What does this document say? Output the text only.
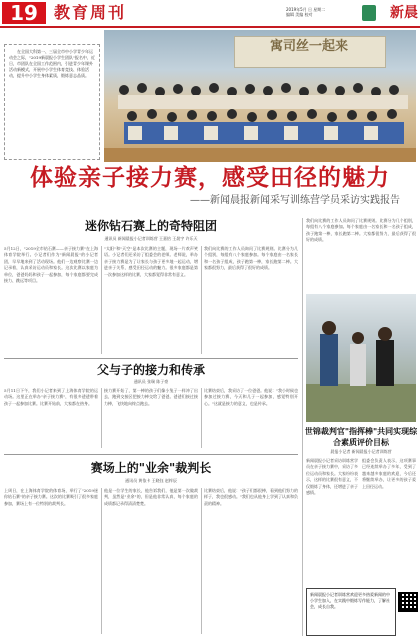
19	教育周刊	2019年5月 日 星期二
编辑 美编 校对	新晨
在全国大科第一、三届全市中小学青少年运动会之际，"2019新晨报小学生团队"报名中，近日，市团队在全国工作范围内，引进青少年课外活动新模式，开展中小学生体育竞技、体验活动，提升中小学生身体素质，锻炼意志品质。
寓司丝一起来
体验亲子接力赛，感受田径的魅力
——新闻晨报新闻采写训练营学员采访实践报告
迷你钻石赛上的奇特阻团
通讯员 新闻晨报小记者训练营 王嘉怡 王晟宇 许乐天
5月12日，"2019全市钻石赛——亲子接力赛"在上海体育学院举行。小记者们作为"新闻晨报"的小记者团，早早地来到了活动现场。他们一边观察比赛一边记录着，认真采访运动员和家长。这次比赛以家庭为单位，爸爸妈妈和孩子一起参加，每个家庭都要完成接力、跳远等项目。
"太阳"和"天空"是本次比赛的主题，现场一片欢声笑语。小记者们还采访了组委会的老师。老师说，举办亲子接力赛是为了让家长与孩子更多地一起运动，增进亲子关系，感受田径运动的魅力。很多家庭都是第一次参加这样的比赛，大家都觉得非常有意义。
我们向比赛的工作人员询问了比赛规则。比赛分为几个组别，每组有八个家庭参加。每个家庭由一名家长和一名孩子组成，孩子跑第一棒，家长跑第二棒。大家都很努力，最后获得了很好的成绩。
父与子的接力和传承
通讯员 张瑞 陈子豪
5月11日下午，我们小记者来到了上海体育学院的运动场。这里正在举办"亲子接力赛"，有很多爸爸带着孩子一起参加比赛。比赛开始前，大家都在热身。
接力赛开始了，第一棒的孩子们像小兔子一样冲了出去，跑到交接区把接力棒交给了爸爸。爸爸们接过接力棒，飞快地向终点跑去。
比赛结束后，我采访了一位爸爸。他说："我小时候也参加过接力赛，今天和儿子一起参加，感觉特别开心。"这就是接力的意义，也是传承。
赛场上的"业余"裁判长
通讯员 黄依卡 王晓钰 赵梓辰
上周日，在上海体育学院的体育场，举行了"2019迷你钻石赛"的亲子接力赛。这次的比赛吸引了很多家庭参加，赛场上有一位特别的裁判长。
他是一位学生的家长，他告诉我们，他是第一次做裁判，虽然是"业余"的，但是他非常认真，每个家庭的成绩都记录得清清楚楚。
比赛结束后，他说："孩子们都很棒，看到他们努力的样子，我也很感动。"我们也从他身上学到了认真和负责的精神。
我们向比赛的工作人员询问了比赛规则。比赛分为几个组别，每组有八个家庭参加。每个家庭由一名家长和一名孩子组成，孩子跑第一棒，家长跑第二棒。大家都很努力，最后获得了很好的成绩。
世锦裁判官"指挥棒"共同实现综合素质评价目标
晨报小记者 新闻晨报小记者训练营
新闻晨报小记者采访训练营学员在亲子接力赛中，采访了多位运动员和家长。大家纷纷表示，这样的比赛很有意义，不仅锻炼了身体，还增进了亲子感情。
组委会负责人表示，这项赛事已经连续举办了多年，受到了越来越多家庭的欢迎，今后还将继续举办，让更多的孩子爱上田径运动。
新闻晨报小记者训练营欢迎更多热爱新闻的中小学生加入，在实践中锻炼写作能力，了解社会，成长自我。
